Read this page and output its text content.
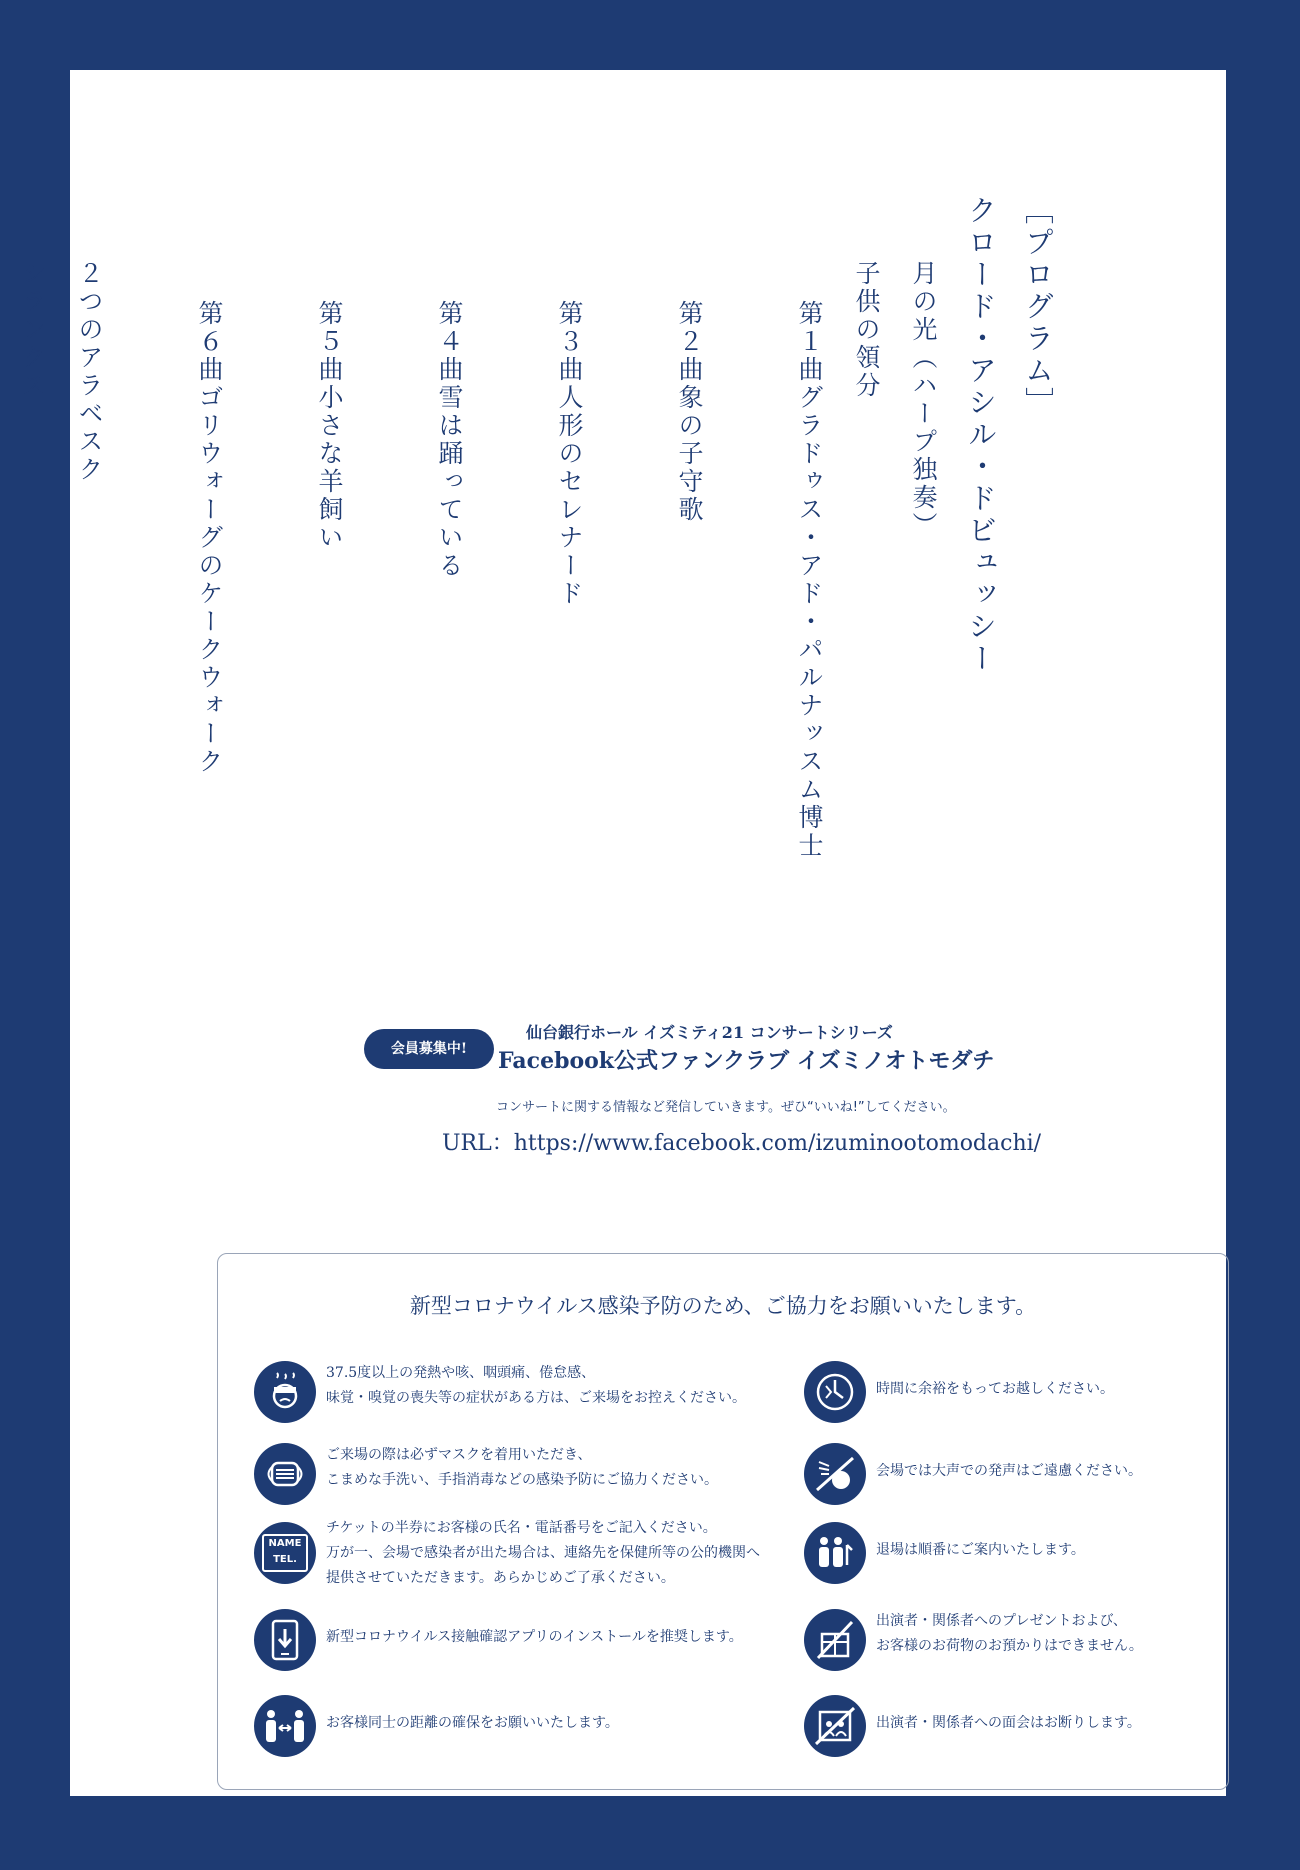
［プログラム］
クロード・アシル・ドビュッシー
月の光（ハープ独奏）
子供の領分
第１曲グラドゥス・アド・パルナッスム博士
第２曲象の子守歌
第３曲人形のセレナード
第４曲雪は踊っている
第５曲小さな羊飼い
第６曲ゴリウォーグのケークウォーク
２つのアラベスク
シランクス
会員募集中!
仙台銀行ホール イズミティ21 コンサートシリーズ
Facebook公式ファンクラブ イズミノオトモダチ
コンサートに関する情報など発信していきます。ぜひ“いいね!”してください。
URL：https://www.facebook.com/izuminootomodachi/
新型コロナウイルス感染予防のため、ご協力をお願いいたします。
37.5度以上の発熱や咳、咽頭痛、倦怠感、
味覚・嗅覚の喪失等の症状がある方は、ご来場をお控えください。
ご来場の際は必ずマスクを着用いただき、
こまめな手洗い、手指消毒などの感染予防にご協力ください。
NAME
TEL.
チケットの半券にお客様の氏名・電話番号をご記入ください。
万が一、会場で感染者が出た場合は、連絡先を保健所等の公的機関へ
提供させていただきます。あらかじめご了承ください。
新型コロナウイルス接触確認アプリのインストールを推奨します。
お客様同士の距離の確保をお願いいたします。
時間に余裕をもってお越しください。
会場では大声での発声はご遠慮ください。
退場は順番にご案内いたします。
出演者・関係者へのプレゼントおよび、
お客様のお荷物のお預かりはできません。
出演者・関係者への面会はお断りします。
